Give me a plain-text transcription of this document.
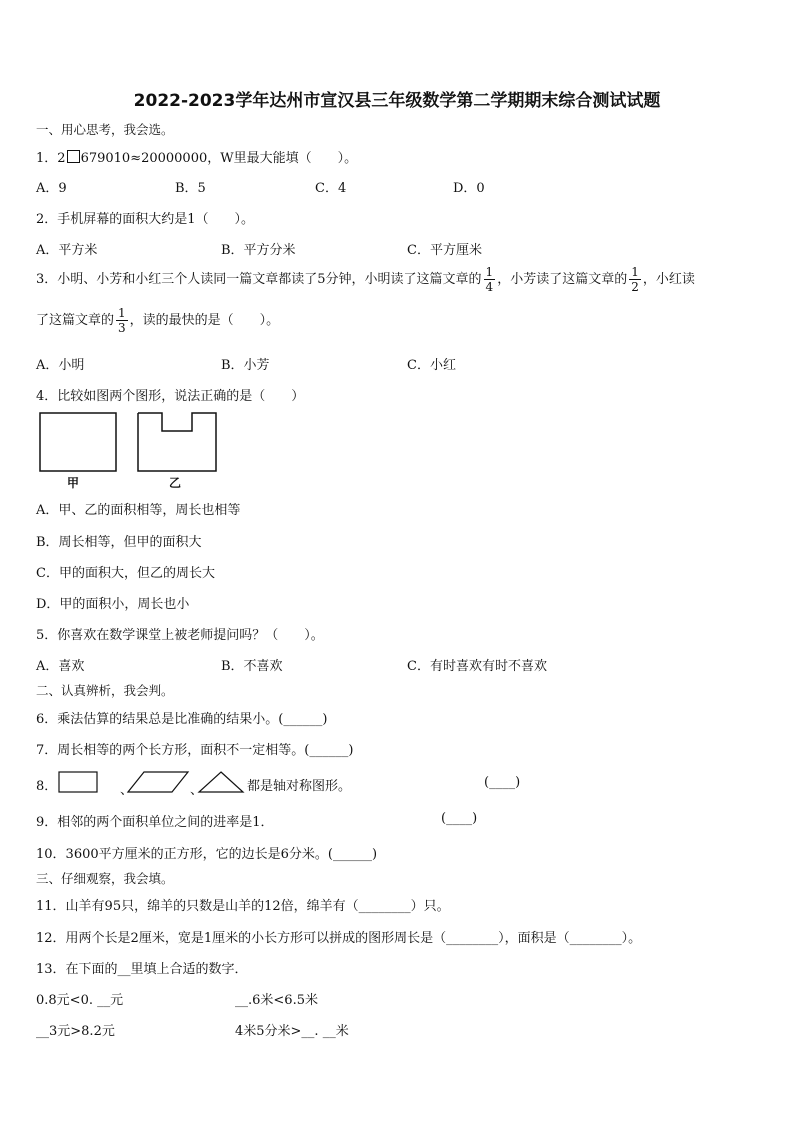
2022-2023学年达州市宣汉县三年级数学第二学期期末综合测试试题
一、用心思考，我会选。
1．2 679010≈20000000，W里最大能填（　　）。
A．9	B．5	C．4	D．0
2．手机屏幕的面积大约是1（　　）。
A．平方米	B．平方分米	C．平方厘米
3．小明、小芳和小红三个人读同一篇文章都读了5分钟，小明读了这篇文章的 $\frac{1}{4}$ ，小芳读了这篇文章的 $\frac{1}{2}$ ，小红读
了这篇文章的 $\frac{1}{3}$ ，读的最快的是（　　）。
A．小明	B．小芳	C．小红
4．比较如图两个图形，说法正确的是（　　）
甲	乙
A．甲、乙的面积相等，周长也相等
B．周长相等，但甲的面积大
C．甲的面积大，但乙的周长大
D．甲的面积小，周长也小
5．你喜欢在数学课堂上被老师提问吗？（　　）。
A．喜欢	B．不喜欢	C．有时喜欢有时不喜欢
二、认真辨析，我会判。
6．乘法估算的结果总是比准确的结果小。(______)
7．周长相等的两个长方形，面积不一定相等。(______)
8．	、	、	都是轴对称图形。	(____)
9．相邻的两个面积单位之间的进率是1．	(____)
10．3600平方厘米的正方形，它的边长是6分米。(______)
三、仔细观察，我会填。
11．山羊有95只，绵羊的只数是山羊的12倍，绵羊有（________）只。
12．用两个长是2厘米，宽是1厘米的小长方形可以拼成的图形周长是（________），面积是（________）。
13．在下面的__里填上合适的数字．
0.8元<0. __元	__.6米<6.5米
__3元>8.2元	4米5分米>__. __米
